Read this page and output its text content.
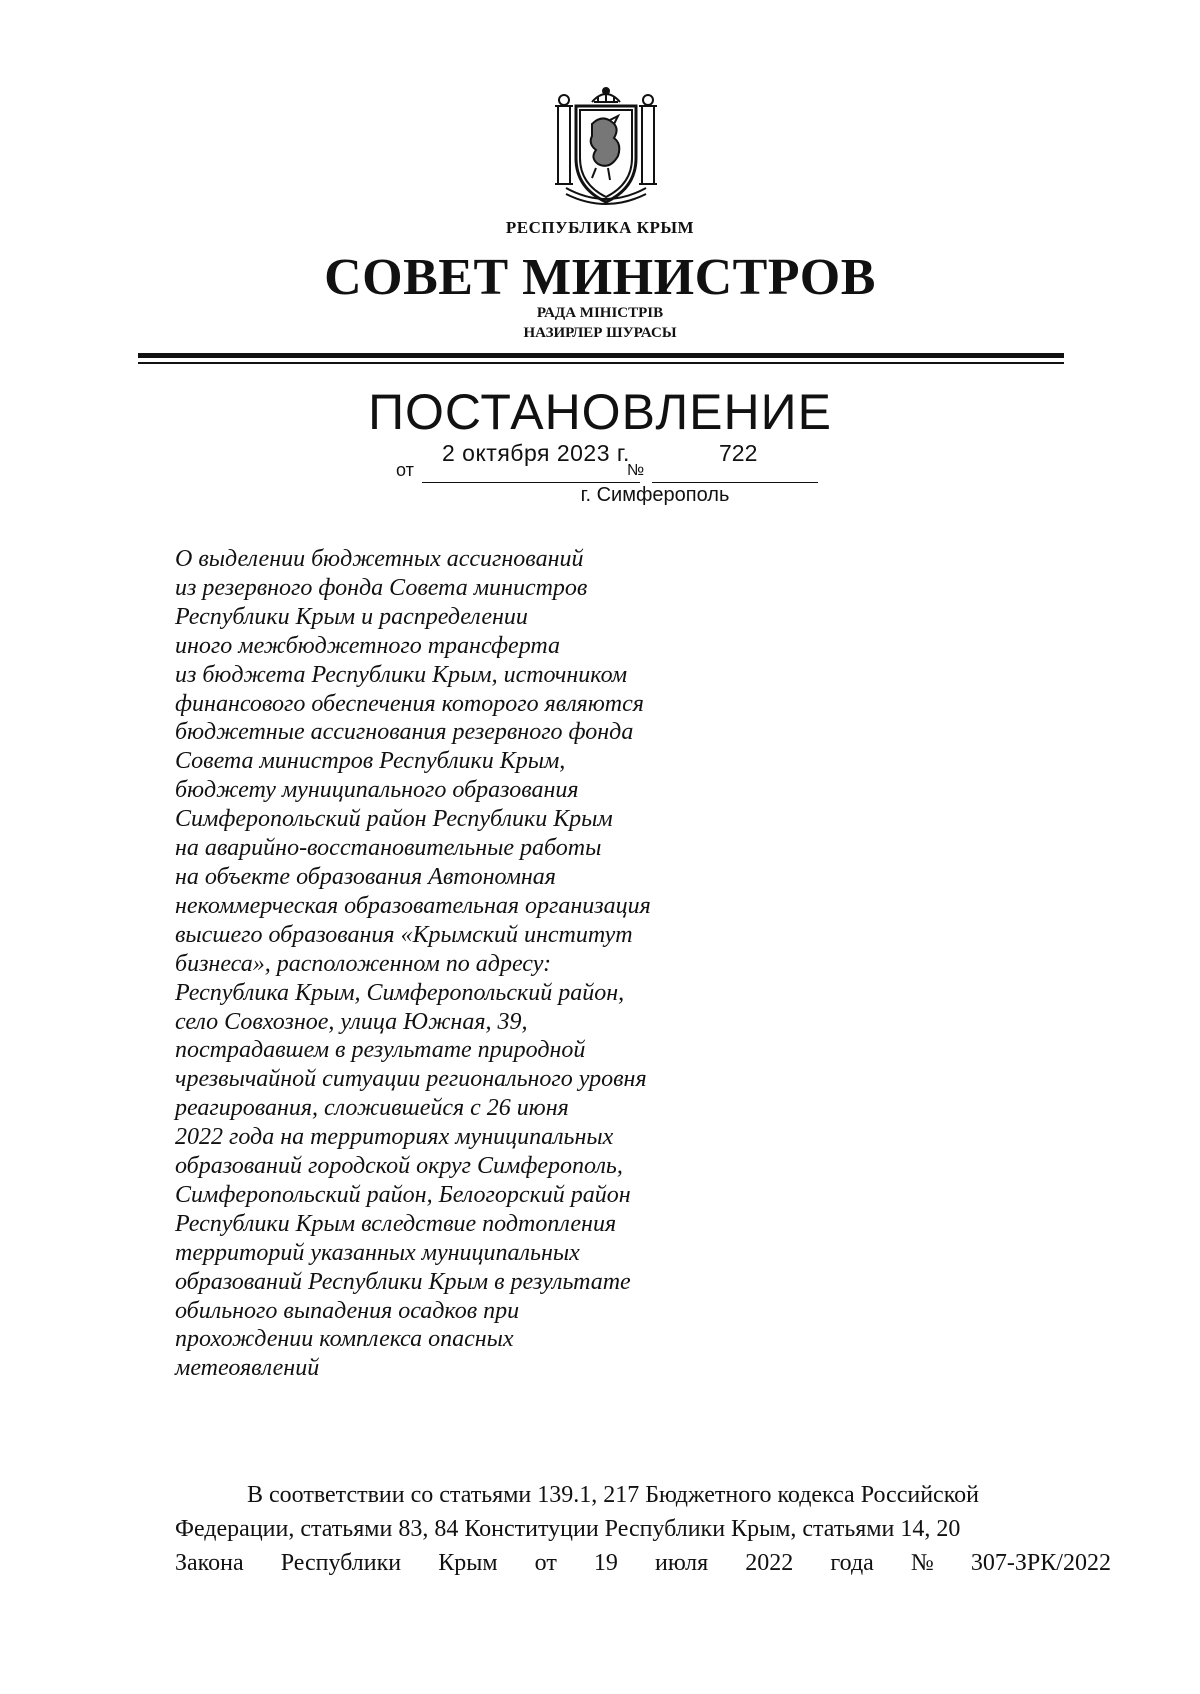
РЕСПУБЛИКА КРЫМ
СОВЕТ МИНИСТРОВ
РАДА МІНІСТРІВ
НАЗИРЛЕР ШУРАСЫ
ПОСТАНОВЛЕНИЕ
от	№
2 октября 2023 г.	722
г. Симферополь
О выделении бюджетных ассигнований
из резервного фонда Совета министров
Республики Крым и распределении
иного межбюджетного трансферта
из бюджета Республики Крым, источником
финансового обеспечения которого являются
бюджетные ассигнования резервного фонда
Совета министров Республики Крым,
бюджету муниципального образования
Симферопольский район Республики Крым
на аварийно-восстановительные работы
на объекте образования Автономная
некоммерческая образовательная организация
высшего образования «Крымский институт
бизнеса», расположенном по адресу:
Республика Крым, Симферопольский район,
село Совхозное, улица Южная, 39,
пострадавшем в результате природной
чрезвычайной ситуации регионального уровня
реагирования, сложившейся с 26 июня
2022 года на территориях муниципальных
образований городской округ Симферополь,
Симферопольский район, Белогорский район
Республики Крым вследствие подтопления
территорий указанных муниципальных
образований Республики Крым в результате
обильного выпадения осадков при
прохождении комплекса опасных
метеоявлений
В соответствии со статьями 139.1, 217 Бюджетного кодекса Российской
Федерации, статьями 83, 84 Конституции Республики Крым, статьями 14, 20
Закона Республики Крым от 19 июля 2022 года № 307-ЗРК/2022
